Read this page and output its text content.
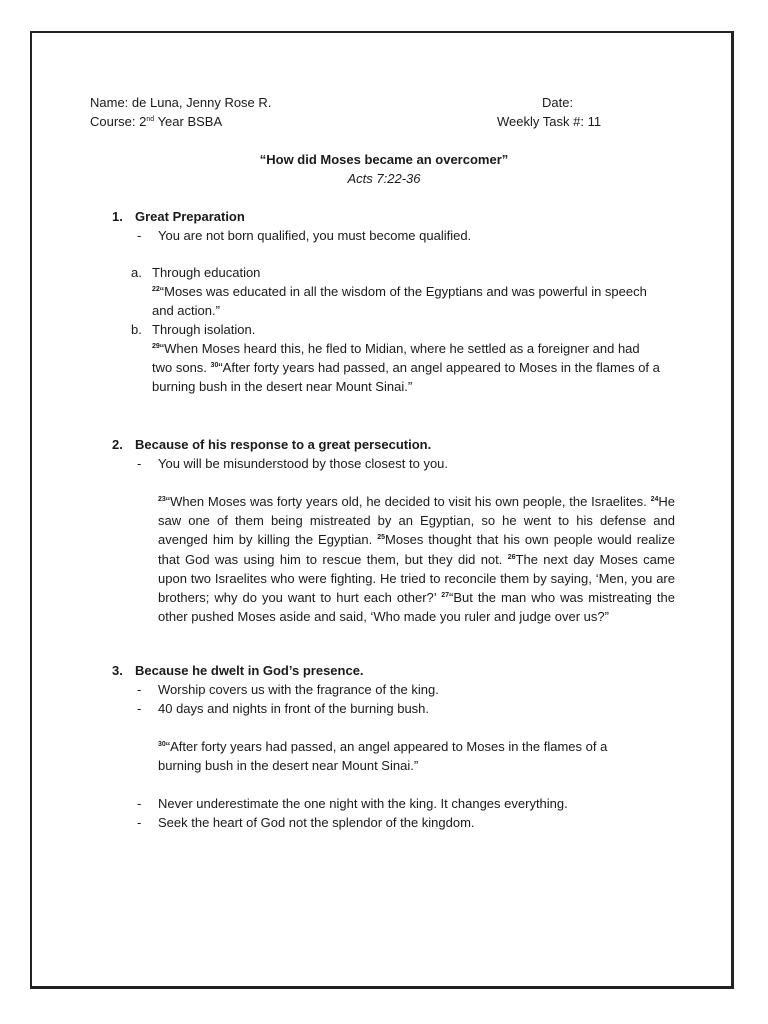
Name: de Luna, Jenny Rose R.
Course: 2nd Year BSBA
Date:
Weekly Task #: 11
“How did Moses became an overcomer”
Acts 7:22-36
1. Great Preparation
- You are not born qualified, you must become qualified.
a. Through education
$^{22}$“Moses was educated in all the wisdom of the Egyptians and was powerful in speech and action.”
b. Through isolation.
$^{29}$“When Moses heard this, he fled to Midian, where he settled as a foreigner and had two sons. $^{30}$“After forty years had passed, an angel appeared to Moses in the flames of a burning bush in the desert near Mount Sinai.”
2. Because of his response to a great persecution.
- You will be misunderstood by those closest to you.
$^{23}$“When Moses was forty years old, he decided to visit his own people, the Israelites. $^{24}$He saw one of them being mistreated by an Egyptian, so he went to his defense and avenged him by killing the Egyptian. $^{25}$Moses thought that his own people would realize that God was using him to rescue them, but they did not. $^{26}$The next day Moses came upon two Israelites who were fighting. He tried to reconcile them by saying, ‘Men, you are brothers; why do you want to hurt each other?’ $^{27}$“But the man who was mistreating the other pushed Moses aside and said, ‘Who made you ruler and judge over us?”
3. Because he dwelt in God’s presence.
- Worship covers us with the fragrance of the king.
- 40 days and nights in front of the burning bush.
$^{30}$“After forty years had passed, an angel appeared to Moses in the flames of a burning bush in the desert near Mount Sinai.”
- Never underestimate the one night with the king. It changes everything.
- Seek the heart of God not the splendor of the kingdom.
